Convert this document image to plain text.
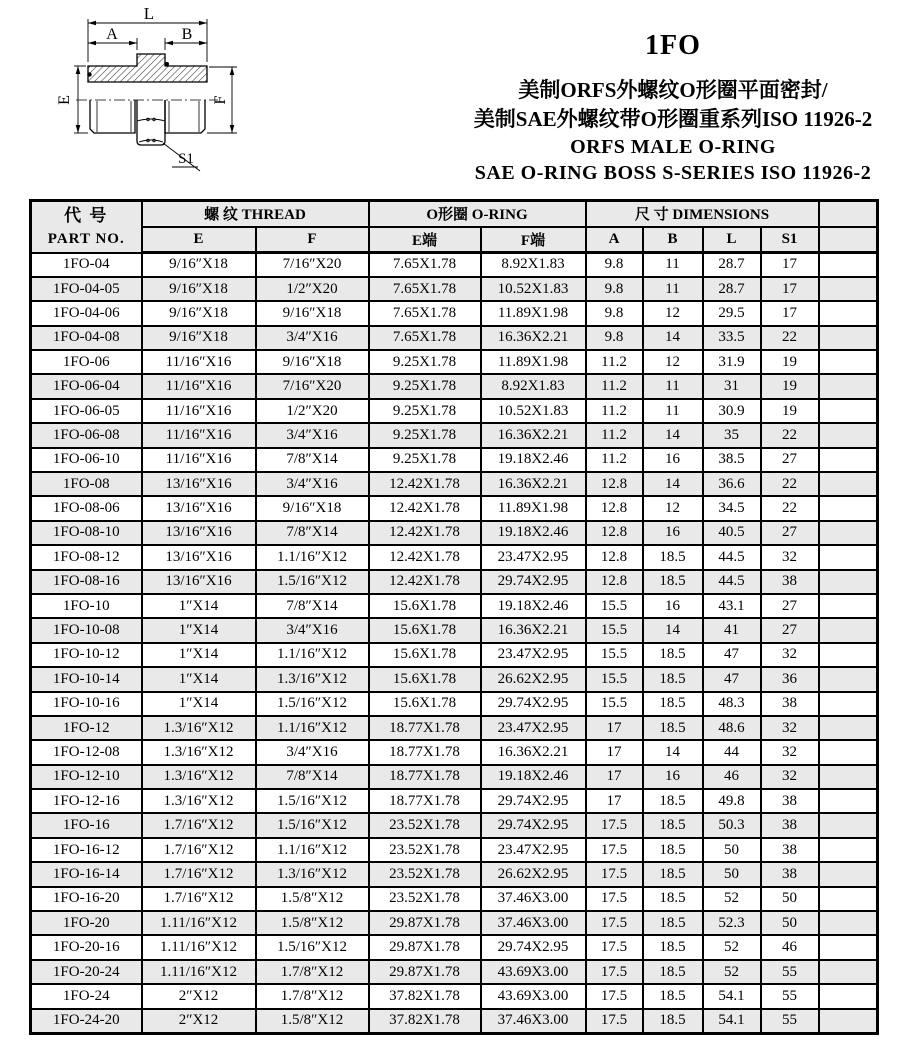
L
A	B
E	F
S1
1FO
美制ORFS外螺纹O形圈平面密封/
美制SAE外螺纹带O形圈重系列ISO 11926-2
ORFS MALE O-RING
SAE O-RING BOSS S-SERIES ISO 11926-2
代 号
PART NO.	螺 纹 THREAD		O形圈 O-RING		尺 寸 DIMENSIONS				
	E	F	E端	F端	A	B	L	S1	
1FO-04	9/16″X18	7/16″X20	7.65X1.78	8.92X1.83	9.8	11	28.7	17	
1FO-04-05	9/16″X18	1/2″X20	7.65X1.78	10.52X1.83	9.8	11	28.7	17	
1FO-04-06	9/16″X18	9/16″X18	7.65X1.78	11.89X1.98	9.8	12	29.5	17	
1FO-04-08	9/16″X18	3/4″X16	7.65X1.78	16.36X2.21	9.8	14	33.5	22	
1FO-06	11/16″X16	9/16″X18	9.25X1.78	11.89X1.98	11.2	12	31.9	19	
1FO-06-04	11/16″X16	7/16″X20	9.25X1.78	8.92X1.83	11.2	11	31	19	
1FO-06-05	11/16″X16	1/2″X20	9.25X1.78	10.52X1.83	11.2	11	30.9	19	
1FO-06-08	11/16″X16	3/4″X16	9.25X1.78	16.36X2.21	11.2	14	35	22	
1FO-06-10	11/16″X16	7/8″X14	9.25X1.78	19.18X2.46	11.2	16	38.5	27	
1FO-08	13/16″X16	3/4″X16	12.42X1.78	16.36X2.21	12.8	14	36.6	22	
1FO-08-06	13/16″X16	9/16″X18	12.42X1.78	11.89X1.98	12.8	12	34.5	22	
1FO-08-10	13/16″X16	7/8″X14	12.42X1.78	19.18X2.46	12.8	16	40.5	27	
1FO-08-12	13/16″X16	1.1/16″X12	12.42X1.78	23.47X2.95	12.8	18.5	44.5	32	
1FO-08-16	13/16″X16	1.5/16″X12	12.42X1.78	29.74X2.95	12.8	18.5	44.5	38	
1FO-10	1″X14	7/8″X14	15.6X1.78	19.18X2.46	15.5	16	43.1	27	
1FO-10-08	1″X14	3/4″X16	15.6X1.78	16.36X2.21	15.5	14	41	27	
1FO-10-12	1″X14	1.1/16″X12	15.6X1.78	23.47X2.95	15.5	18.5	47	32	
1FO-10-14	1″X14	1.3/16″X12	15.6X1.78	26.62X2.95	15.5	18.5	47	36	
1FO-10-16	1″X14	1.5/16″X12	15.6X1.78	29.74X2.95	15.5	18.5	48.3	38	
1FO-12	1.3/16″X12	1.1/16″X12	18.77X1.78	23.47X2.95	17	18.5	48.6	32	
1FO-12-08	1.3/16″X12	3/4″X16	18.77X1.78	16.36X2.21	17	14	44	32	
1FO-12-10	1.3/16″X12	7/8″X14	18.77X1.78	19.18X2.46	17	16	46	32	
1FO-12-16	1.3/16″X12	1.5/16″X12	18.77X1.78	29.74X2.95	17	18.5	49.8	38	
1FO-16	1.7/16″X12	1.5/16″X12	23.52X1.78	29.74X2.95	17.5	18.5	50.3	38	
1FO-16-12	1.7/16″X12	1.1/16″X12	23.52X1.78	23.47X2.95	17.5	18.5	50	38	
1FO-16-14	1.7/16″X12	1.3/16″X12	23.52X1.78	26.62X2.95	17.5	18.5	50	38	
1FO-16-20	1.7/16″X12	1.5/8″X12	23.52X1.78	37.46X3.00	17.5	18.5	52	50	
1FO-20	1.11/16″X12	1.5/8″X12	29.87X1.78	37.46X3.00	17.5	18.5	52.3	50	
1FO-20-16	1.11/16″X12	1.5/16″X12	29.87X1.78	29.74X2.95	17.5	18.5	52	46	
1FO-20-24	1.11/16″X12	1.7/8″X12	29.87X1.78	43.69X3.00	17.5	18.5	52	55	
1FO-24	2″X12	1.7/8″X12	37.82X1.78	43.69X3.00	17.5	18.5	54.1	55	
1FO-24-20	2″X12	1.5/8″X12	37.82X1.78	37.46X3.00	17.5	18.5	54.1	55	
